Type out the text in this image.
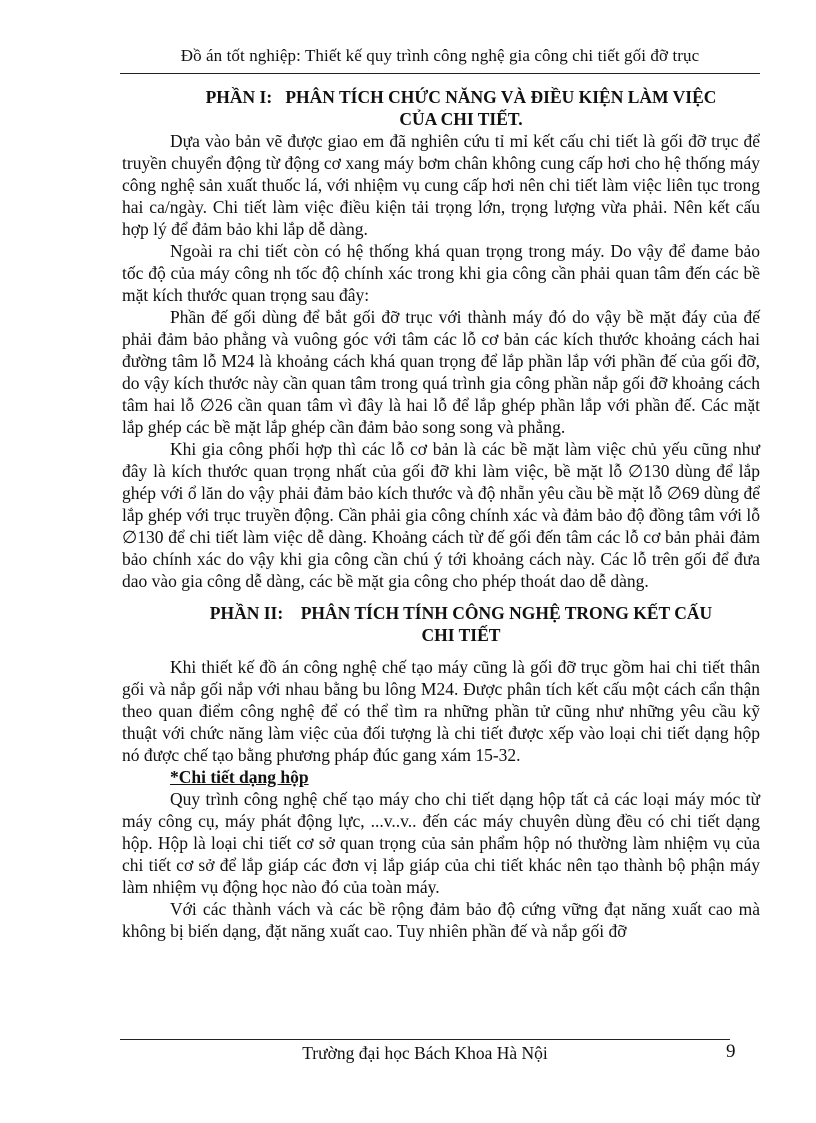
Đồ án tốt nghiệp: Thiết kế quy trình công nghệ gia công chi tiết gối đỡ trục
PHẦN I:   PHÂN TÍCH CHỨC NĂNG VÀ ĐIỀU KIỆN LÀM VIỆC
CỦA CHI TIẾT.

Dựa vào bản vẽ được giao em đã nghiên cứu tỉ mỉ kết cấu chi tiết là gối đỡ trục để truyền chuyển động từ động cơ xang máy bơm chân không cung cấp hơi cho hệ thống máy công nghệ sản xuất thuốc lá, với nhiệm vụ cung cấp hơi nên chi tiết làm việc liên tục trong hai ca/ngày. Chi tiết làm việc điều kiện tải trọng lớn, trọng lượng vừa phải. Nên kết cấu hợp lý để đảm bảo khi lắp dễ dàng.

Ngoài ra chi tiết còn có hệ thống khá quan trọng trong máy. Do vậy để đame bảo tốc độ của máy công nh tốc độ chính xác trong khi gia công cần phải quan tâm đến các bề mặt kích thước quan trọng sau đây:

Phần đế gối dùng để bắt gối đỡ trục với thành máy đó do vậy bề mặt đáy của đế phải đảm bảo phẳng và vuông góc với tâm các lỗ cơ bản các kích thước khoảng cách hai đường tâm lỗ M24 là khoảng cách khá quan trọng để lắp phần lắp với phần đế của gối đỡ, do vậy kích thước này cần quan tâm trong quá trình gia công phần nắp gối đỡ khoảng cách tâm hai lỗ ∅26 cần quan tâm vì đây là hai lỗ để lắp ghép phần lắp với phần đế. Các mặt lắp ghép các bề mặt lắp ghép cần đảm bảo song song và phẳng.

Khi gia công phối hợp thì các lỗ cơ bản là các bề mặt làm việc chủ yếu cũng như đây là kích thước quan trọng nhất của gối đỡ khi làm việc, bề mặt lỗ ∅130 dùng để lắp ghép với ổ lăn do vậy phải đảm bảo kích thước và độ nhẵn yêu cầu bề mặt lỗ ∅69 dùng để lắp ghép với trục truyền động. Cần phải gia công chính xác và đảm bảo độ đồng tâm với lỗ ∅130 để chi tiết làm việc dễ dàng. Khoảng cách từ đế gối đến tâm các lỗ cơ bản phải đảm bảo chính xác do vậy khi gia công cần chú ý tới khoảng cách này. Các lỗ trên gối để đưa dao vào gia công dễ dàng, các bề mặt gia công cho phép thoát dao dễ dàng.

PHẦN II:    PHÂN TÍCH TÍNH CÔNG NGHỆ TRONG KẾT CẤU
CHI TIẾT

Khi thiết kế đồ án công nghệ chế tạo máy cũng là gối đỡ trục gồm hai chi tiết thân gối và nắp gối nắp với nhau bằng bu lông M24. Được phân tích kết cấu một cách cẩn thận theo quan điểm công nghệ để có thể tìm ra những phần tử cũng như những yêu cầu kỹ thuật với chức năng làm việc của đối tượng là chi tiết được xếp vào loại chi tiết dạng hộp nó được chế tạo bằng phương pháp đúc gang xám 15-32.

*Chi tiết dạng hộp

Quy trình công nghệ chế tạo máy cho chi tiết dạng hộp tất cả các loại máy móc từ máy công cụ, máy phát động lực, ...v..v.. đến các máy chuyên dùng đều có chi tiết dạng hộp. Hộp là loại chi tiết cơ sở quan trọng của sản phẩm hộp nó thường làm nhiệm vụ của chi tiết cơ sở để lắp giáp các đơn vị lắp giáp của chi tiết khác nên tạo thành bộ phận máy làm nhiệm vụ động học nào đó của toàn máy.

Với các thành vách và các bề rộng đảm bảo độ cứng vững đạt năng xuất cao mà không bị biến dạng, đặt năng xuất cao. Tuy nhiên phần đế và nắp gối đỡ

Trường đại học Bách Khoa Hà Nội	9
